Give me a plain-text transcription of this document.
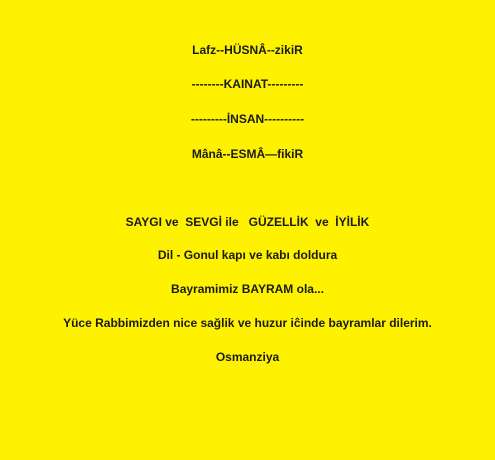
Lafz--HÜSNÂ--zikiR
--------KAINAT---------
---------İNSAN----------
Mânâ--ESMÂ—fikiR
SAYGI ve  SEVGİ ile   GÜZELLİK  ve  İYİLİK
Dil - Gonul kapı ve kabı doldura
Bayramimiz BAYRAM ola...
Yüce Rabbimizden nice sağlik ve huzur iĉinde bayramlar dilerim.
Osmanziya
